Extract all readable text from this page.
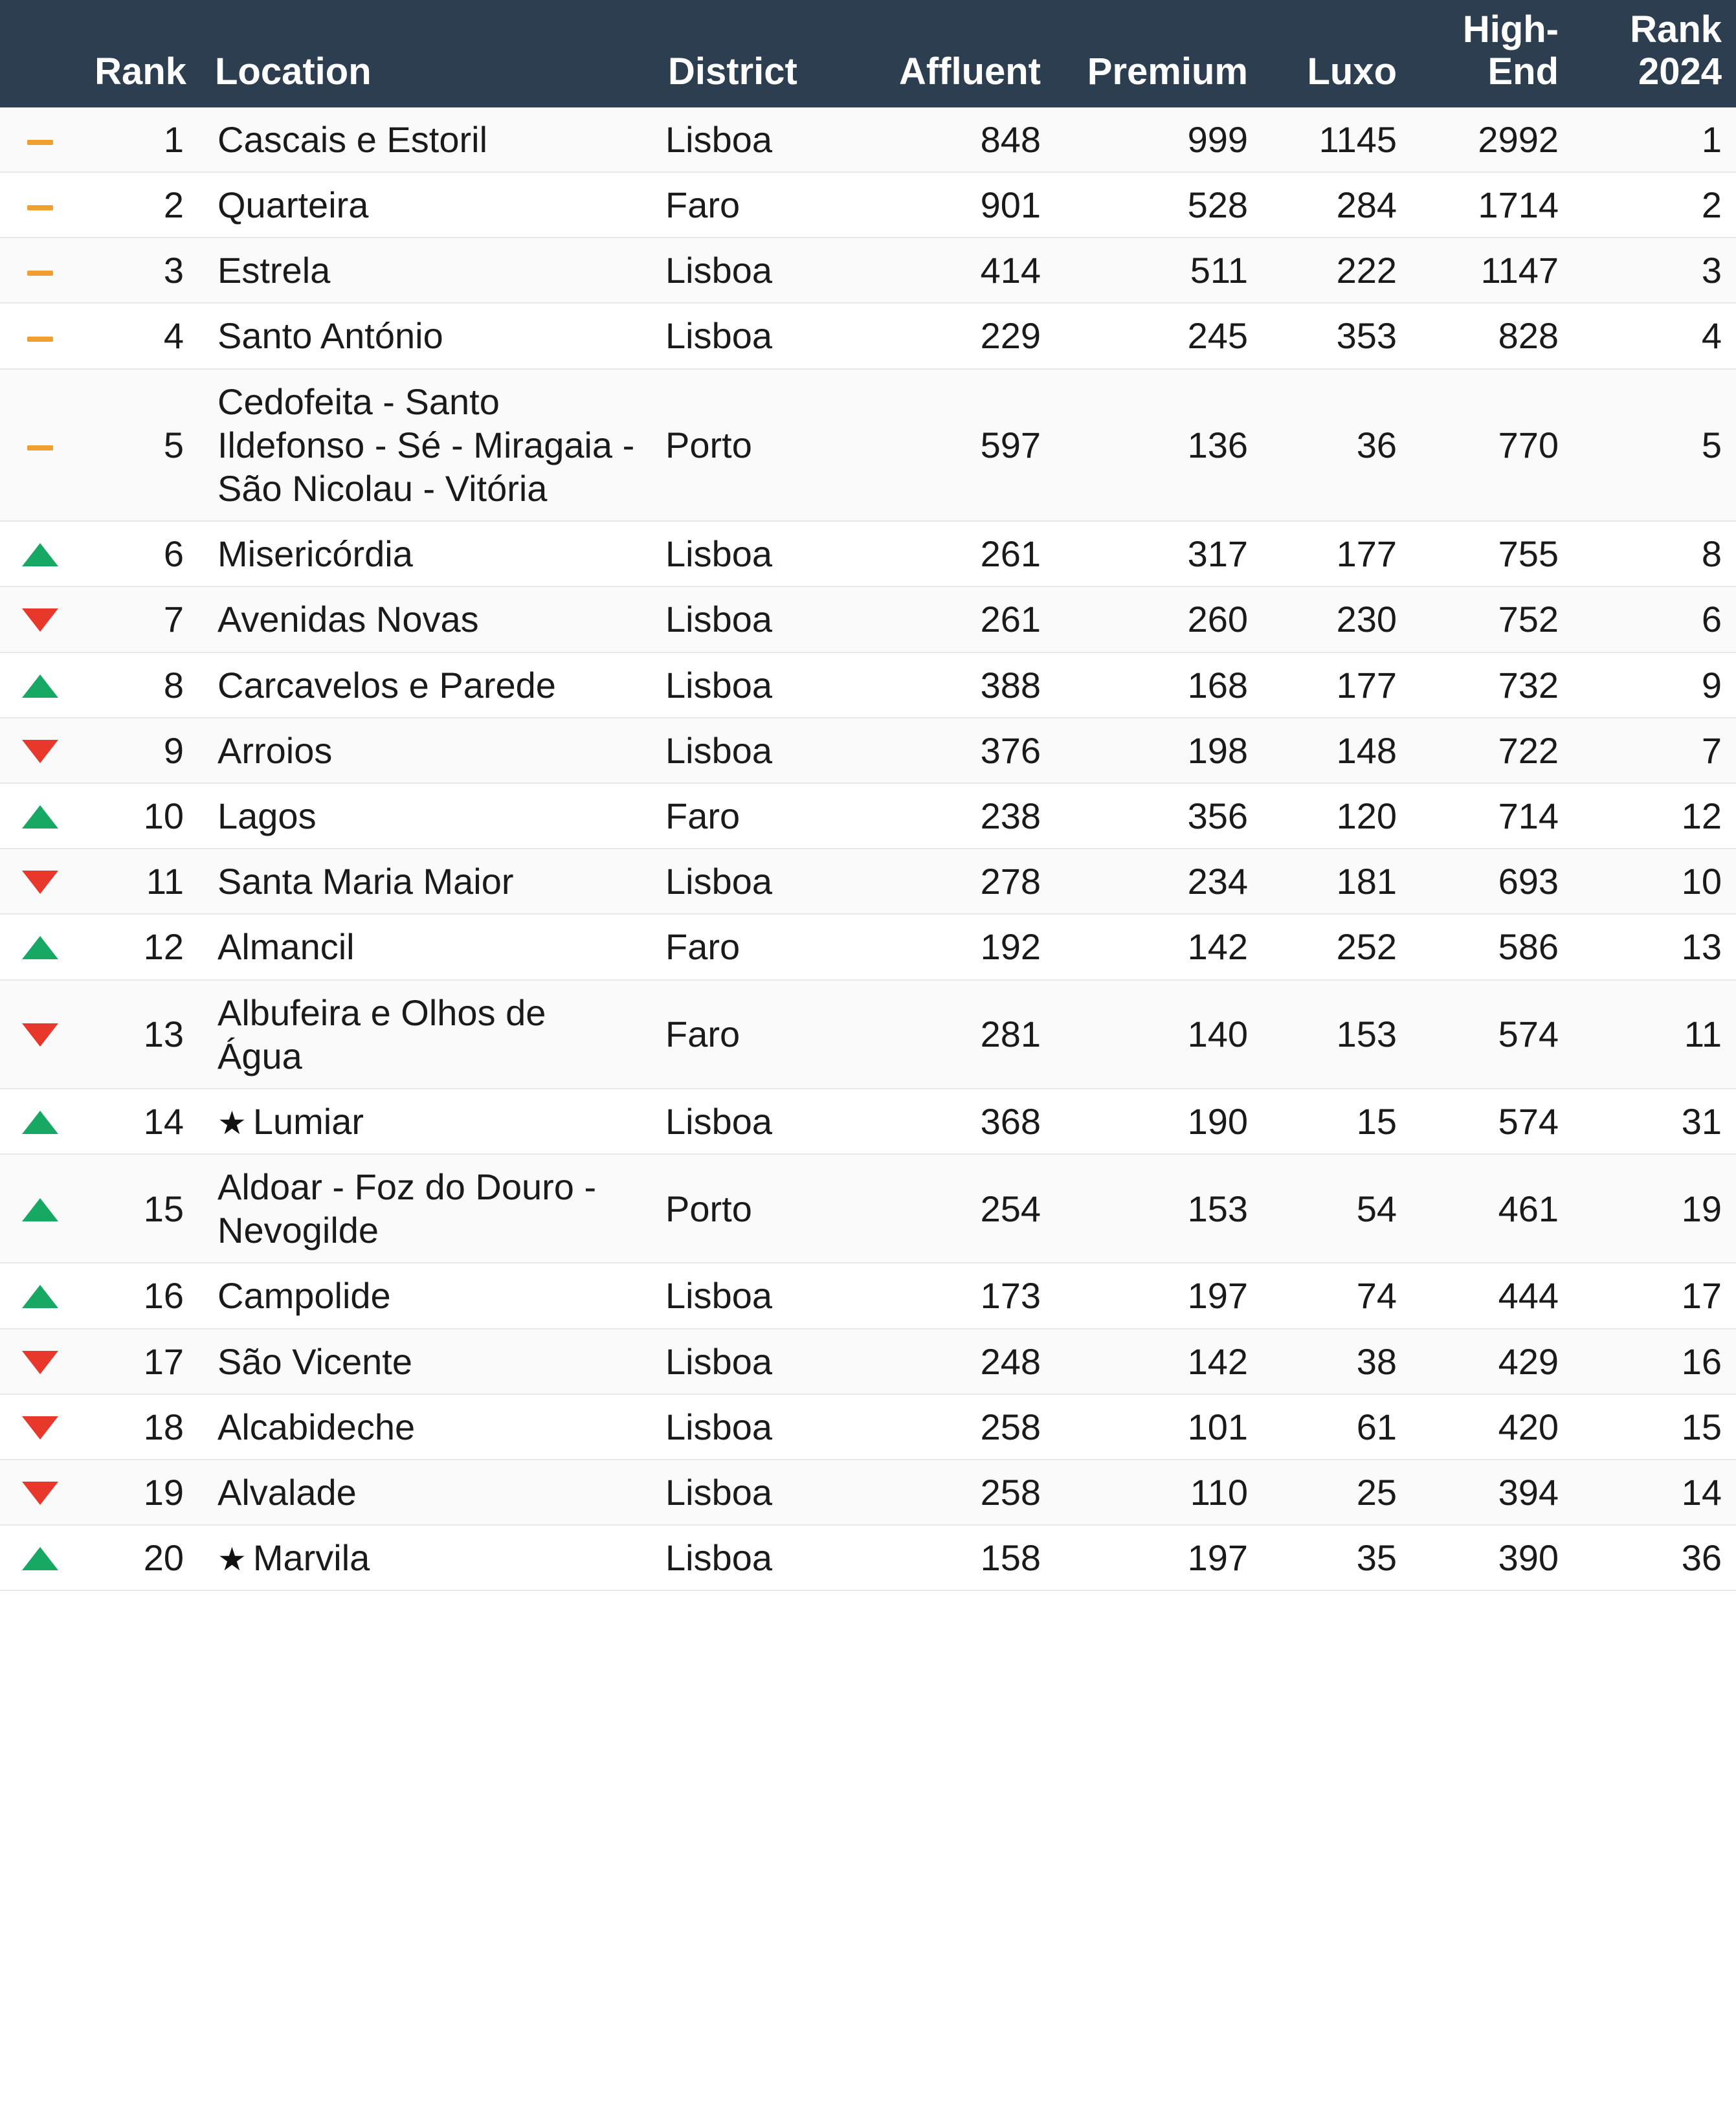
	Rank	Location	District	Affluent	Premium	Luxo	High-End	Rank 2024
	1	Cascais e Estoril	Lisboa	848	999	1145	2992	1
	2	Quarteira	Faro	901	528	284	1714	2
	3	Estrela	Lisboa	414	511	222	1147	3
	4	Santo António	Lisboa	229	245	353	828	4
	5	Cedofeita - Santo Ildefonso - Sé - Miragaia - São Nicolau - Vitória	Porto	597	136	36	770	5
	6	Misericórdia	Lisboa	261	317	177	755	8
	7	Avenidas Novas	Lisboa	261	260	230	752	6
	8	Carcavelos e Parede	Lisboa	388	168	177	732	9
	9	Arroios	Lisboa	376	198	148	722	7
	10	Lagos	Faro	238	356	120	714	12
	11	Santa Maria Maior	Lisboa	278	234	181	693	10
	12	Almancil	Faro	192	142	252	586	13
	13	Albufeira e Olhos de Água	Faro	281	140	153	574	11
	14	★ Lumiar	Lisboa	368	190	15	574	31
	15	Aldoar - Foz do Douro - Nevogilde	Porto	254	153	54	461	19
	16	Campolide	Lisboa	173	197	74	444	17
	17	São Vicente	Lisboa	248	142	38	429	16
	18	Alcabideche	Lisboa	258	101	61	420	15
	19	Alvalade	Lisboa	258	110	25	394	14
	20	★ Marvila	Lisboa	158	197	35	390	36
